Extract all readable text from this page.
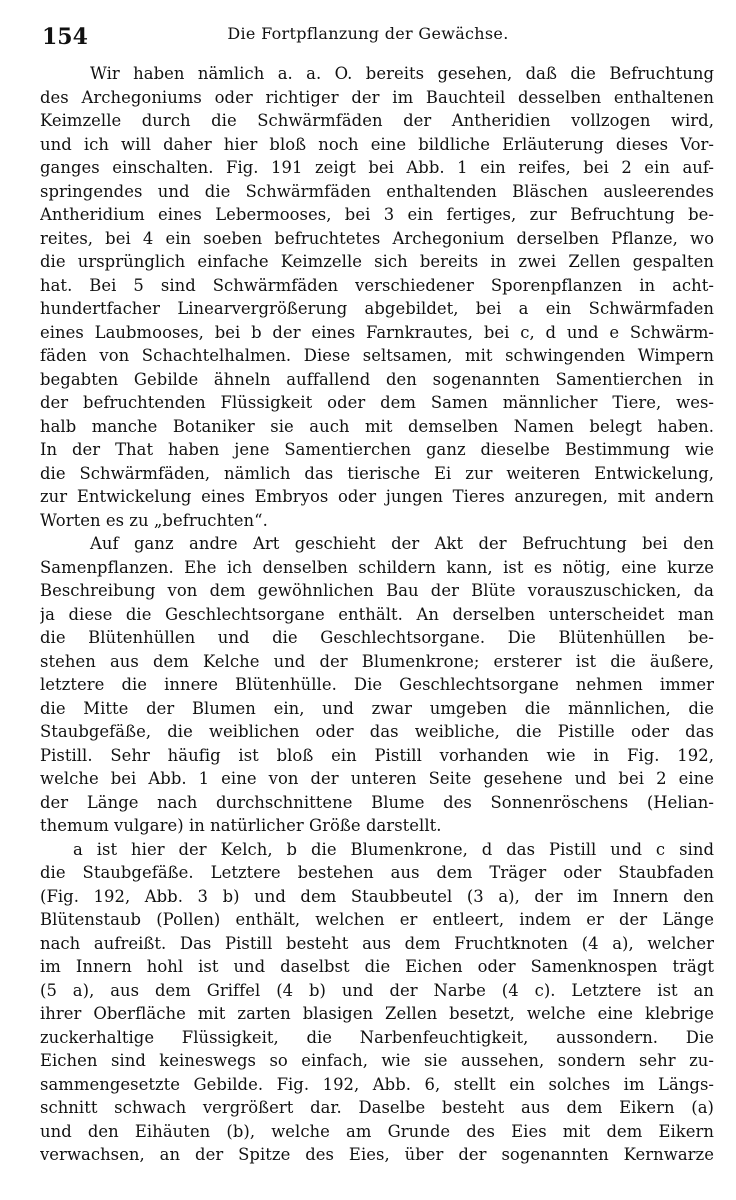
154	Die Fortpflanzung der Gewächse.
Wir haben nämlich a. a. O. bereits gesehen, daß die Befruchtung
des Archegoniums oder richtiger der im Bauchteil desselben enthaltenen
Keimzelle durch die Schwärmfäden der Antheridien vollzogen wird,
und ich will daher hier bloß noch eine bildliche Erläuterung dieses Vor-
ganges einschalten. Fig. 191 zeigt bei Abb. 1 ein reifes, bei 2 ein auf-
springendes und die Schwärmfäden enthaltenden Bläschen ausleerendes
Antheridium eines Lebermooses, bei 3 ein fertiges, zur Befruchtung be-
reites, bei 4 ein soeben befruchtetes Archegonium derselben Pflanze, wo
die ursprünglich einfache Keimzelle sich bereits in zwei Zellen gespalten
hat. Bei 5 sind Schwärmfäden verschiedener Sporenpflanzen in acht-
hundertfacher Linearvergrößerung abgebildet, bei a ein Schwärmfaden
eines Laubmooses, bei b der eines Farnkrautes, bei c, d und e Schwärm-
fäden von Schachtelhalmen. Diese seltsamen, mit schwingenden Wimpern
begabten Gebilde ähneln auffallend den sogenannten Samentierchen in
der befruchtenden Flüssigkeit oder dem Samen männlicher Tiere, wes-
halb manche Botaniker sie auch mit demselben Namen belegt haben.
In der That haben jene Samentierchen ganz dieselbe Bestimmung wie
die Schwärmfäden, nämlich das tierische Ei zur weiteren Entwickelung,
zur Entwickelung eines Embryos oder jungen Tieres anzuregen, mit andern
Worten es zu „befruchten“.
Auf ganz andre Art geschieht der Akt der Befruchtung bei den
Samenpflanzen. Ehe ich denselben schildern kann, ist es nötig, eine kurze
Beschreibung von dem gewöhnlichen Bau der Blüte vorauszuschicken, da
ja diese die Geschlechtsorgane enthält. An derselben unterscheidet man
die Blütenhüllen und die Geschlechtsorgane. Die Blütenhüllen be-
stehen aus dem Kelche und der Blumenkrone; ersterer ist die äußere,
letztere die innere Blütenhülle. Die Geschlechtsorgane nehmen immer
die Mitte der Blumen ein, und zwar umgeben die männlichen, die
Staubgefäße, die weiblichen oder das weibliche, die Pistille oder das
Pistill. Sehr häufig ist bloß ein Pistill vorhanden wie in Fig. 192,
welche bei Abb. 1 eine von der unteren Seite gesehene und bei 2 eine
der Länge nach durchschnittene Blume des Sonnenröschens (Helian-
themum vulgare) in natürlicher Größe darstellt.
a ist hier der Kelch, b die Blumenkrone, d das Pistill und c sind
die Staubgefäße. Letztere bestehen aus dem Träger oder Staubfaden
(Fig. 192, Abb. 3 b) und dem Staubbeutel (3 a), der im Innern den
Blütenstaub (Pollen) enthält, welchen er entleert, indem er der Länge
nach aufreißt. Das Pistill besteht aus dem Fruchtknoten (4 a), welcher
im Innern hohl ist und daselbst die Eichen oder Samenknospen trägt
(5 a), aus dem Griffel (4 b) und der Narbe (4 c). Letztere ist an
ihrer Oberfläche mit zarten blasigen Zellen besetzt, welche eine klebrige
zuckerhaltige Flüssigkeit, die Narbenfeuchtigkeit, aussondern. Die
Eichen sind keineswegs so einfach, wie sie aussehen, sondern sehr zu-
sammengesetzte Gebilde. Fig. 192, Abb. 6, stellt ein solches im Längs-
schnitt schwach vergrößert dar. Daselbe besteht aus dem Eikern (a)
und den Eihäuten (b), welche am Grunde des Eies mit dem Eikern
verwachsen, an der Spitze des Eies, über der sogenannten Kernwarze
